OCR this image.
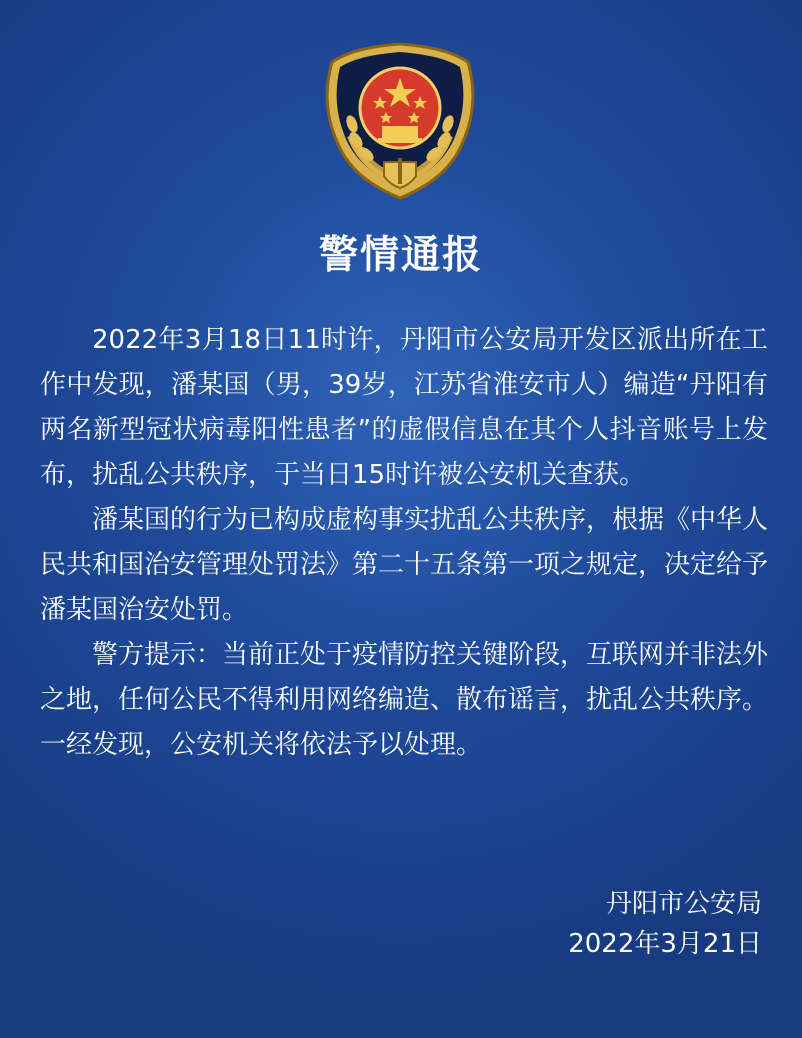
警情通报

2022年3月18日11时许，丹阳市公安局开发区派出所在工作中发现，潘某国（男，39岁，江苏省淮安市人）编造“丹阳有两名新型冠状病毒阳性患者”的虚假信息在其个人抖音账号上发布，扰乱公共秩序，于当日15时许被公安机关查获。

潘某国的行为已构成虚构事实扰乱公共秩序，根据《中华人民共和国治安管理处罚法》第二十五条第一项之规定，决定给予潘某国治安处罚。

警方提示：当前正处于疫情防控关键阶段，互联网并非法外之地，任何公民不得利用网络编造、散布谣言，扰乱公共秩序。一经发现，公安机关将依法予以处理。

丹阳市公安局
2022年3月21日
